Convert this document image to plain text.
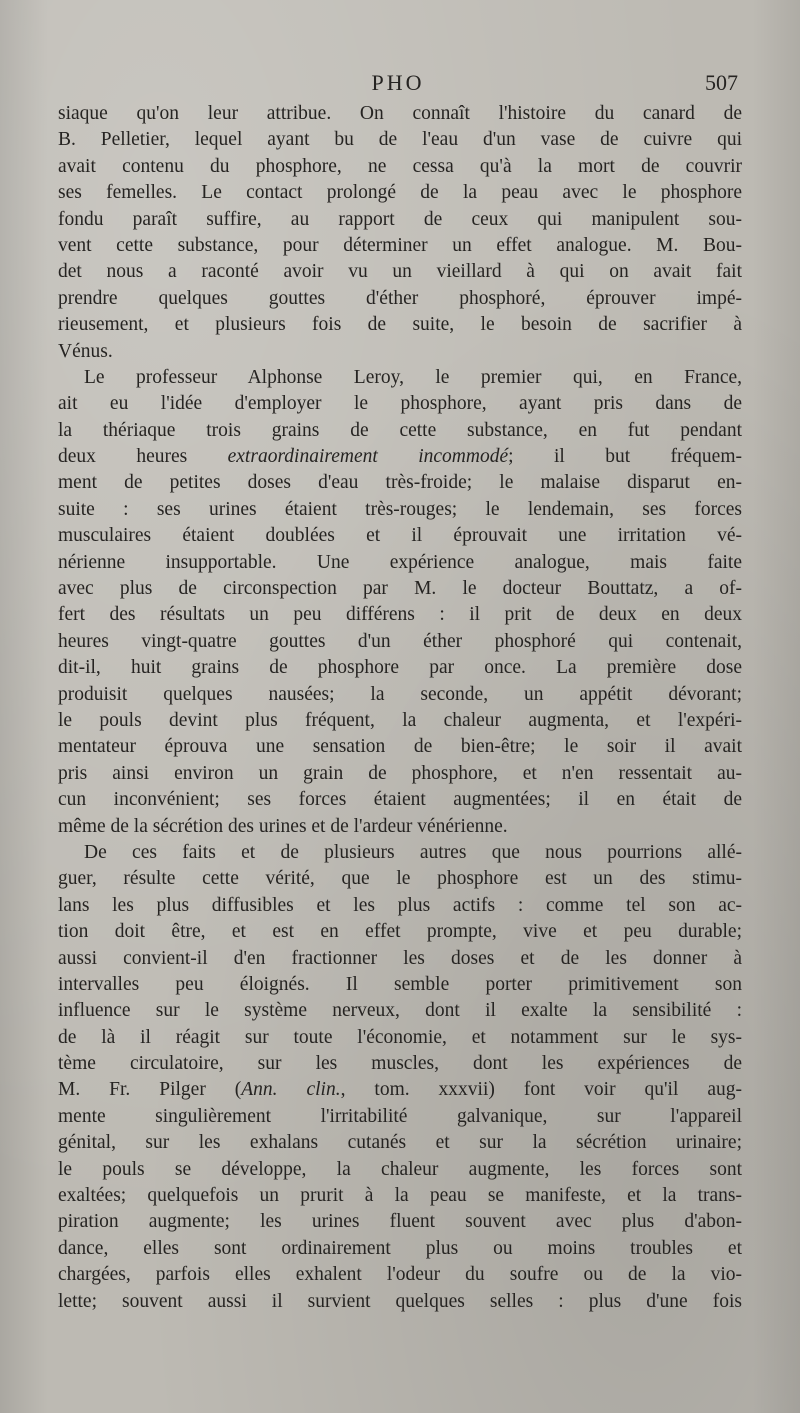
PHO	507
siaque qu'on leur attribue. On connaît l'histoire du canard de
B. Pelletier, lequel ayant bu de l'eau d'un vase de cuivre qui
avait contenu du phosphore, ne cessa qu'à la mort de couvrir
ses femelles. Le contact prolongé de la peau avec le phosphore
fondu paraît suffire, au rapport de ceux qui manipulent sou-
vent cette substance, pour déterminer un effet analogue. M. Bou-
det nous a raconté avoir vu un vieillard à qui on avait fait
prendre quelques gouttes d'éther phosphoré, éprouver impé-
rieusement, et plusieurs fois de suite, le besoin de sacrifier à
Vénus.
Le professeur Alphonse Leroy, le premier qui, en France,
ait eu l'idée d'employer le phosphore, ayant pris dans de
la thériaque trois grains de cette substance, en fut pendant
deux heures extraordinairement incommodé; il but fréquem-
ment de petites doses d'eau très-froide; le malaise disparut en-
suite : ses urines étaient très-rouges; le lendemain, ses forces
musculaires étaient doublées et il éprouvait une irritation vé-
nérienne insupportable. Une expérience analogue, mais faite
avec plus de circonspection par M. le docteur Bouttatz, a of-
fert des résultats un peu différens : il prit de deux en deux
heures vingt-quatre gouttes d'un éther phosphoré qui contenait,
dit-il, huit grains de phosphore par once. La première dose
produisit quelques nausées; la seconde, un appétit dévorant;
le pouls devint plus fréquent, la chaleur augmenta, et l'expéri-
mentateur éprouva une sensation de bien-être; le soir il avait
pris ainsi environ un grain de phosphore, et n'en ressentait au-
cun inconvénient; ses forces étaient augmentées; il en était de
même de la sécrétion des urines et de l'ardeur vénérienne.
De ces faits et de plusieurs autres que nous pourrions allé-
guer, résulte cette vérité, que le phosphore est un des stimu-
lans les plus diffusibles et les plus actifs : comme tel son ac-
tion doit être, et est en effet prompte, vive et peu durable;
aussi convient-il d'en fractionner les doses et de les donner à
intervalles peu éloignés. Il semble porter primitivement son
influence sur le système nerveux, dont il exalte la sensibilité :
de là il réagit sur toute l'économie, et notamment sur le sys-
tème circulatoire, sur les muscles, dont les expériences de
M. Fr. Pilger (Ann. clin., tom. xxxvii) font voir qu'il aug-
mente singulièrement l'irritabilité galvanique, sur l'appareil
génital, sur les exhalans cutanés et sur la sécrétion urinaire;
le pouls se développe, la chaleur augmente, les forces sont
exaltées; quelquefois un prurit à la peau se manifeste, et la trans-
piration augmente; les urines fluent souvent avec plus d'abon-
dance, elles sont ordinairement plus ou moins troubles et
chargées, parfois elles exhalent l'odeur du soufre ou de la vio-
lette; souvent aussi il survient quelques selles : plus d'une fois
